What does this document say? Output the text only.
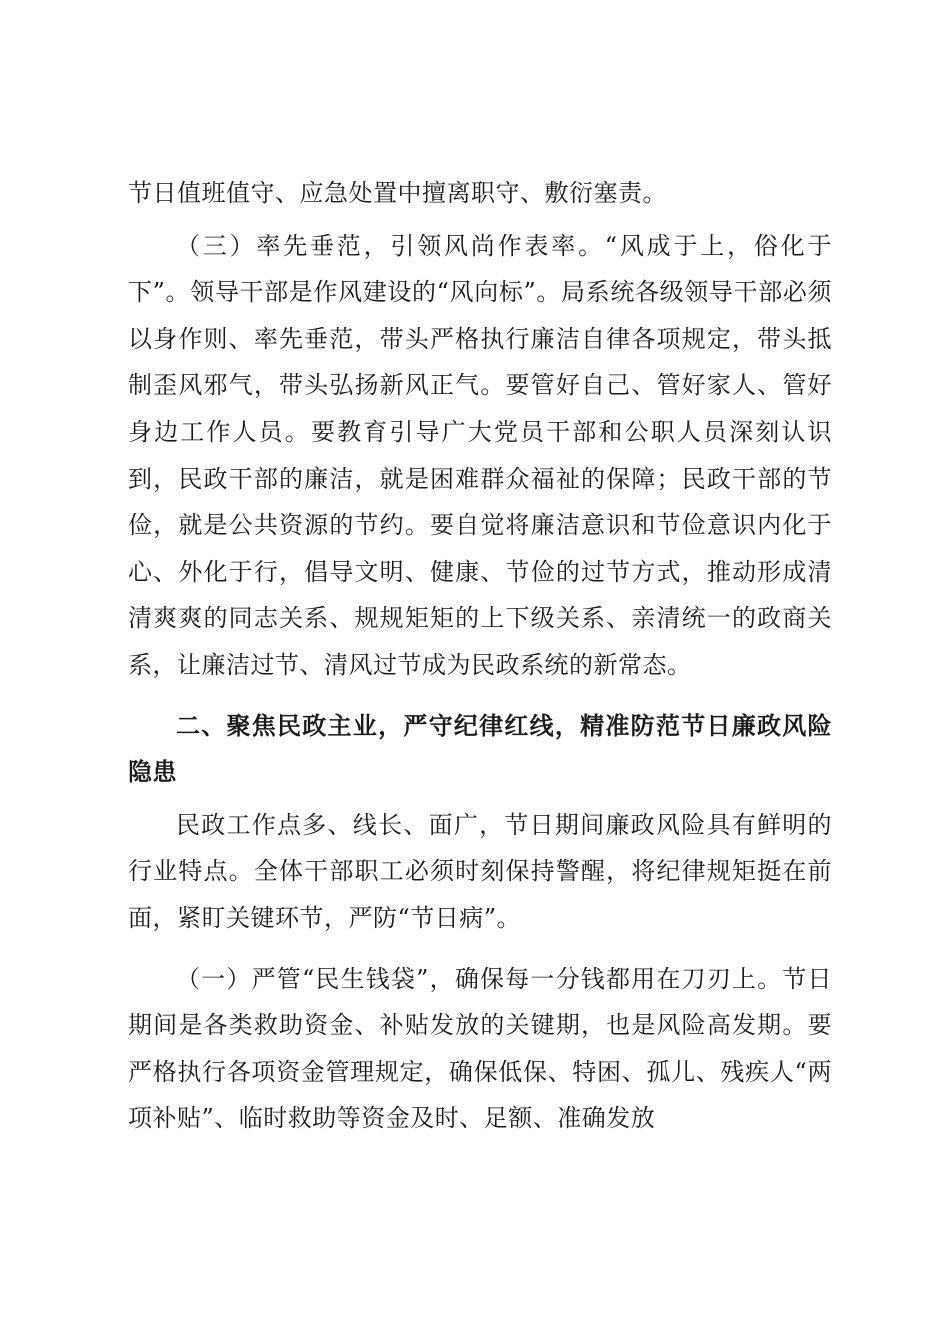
节日值班值守、应急处置中擅离职守、敷衍塞责。

（三）率先垂范，引领风尚作表率。“风成于上，俗化于下”。领导干部是作风建设的“风向标”。局系统各级领导干部必须以身作则、率先垂范，带头严格执行廉洁自律各项规定，带头抵制歪风邪气，带头弘扬新风正气。要管好自己、管好家人、管好身边工作人员。要教育引导广大党员干部和公职人员深刻认识到，民政干部的廉洁，就是困难群众福祉的保障；民政干部的节俭，就是公共资源的节约。要自觉将廉洁意识和节俭意识内化于心、外化于行，倡导文明、健康、节俭的过节方式，推动形成清清爽爽的同志关系、规规矩矩的上下级关系、亲清统一的政商关系，让廉洁过节、清风过节成为民政系统的新常态。

二、聚焦民政主业，严守纪律红线，精准防范节日廉政风险隐患

民政工作点多、线长、面广，节日期间廉政风险具有鲜明的行业特点。全体干部职工必须时刻保持警醒，将纪律规矩挺在前面，紧盯关键环节，严防“节日病”。

（一）严管“民生钱袋”，确保每一分钱都用在刀刃上。节日期间是各类救助资金、补贴发放的关键期，也是风险高发期。要严格执行各项资金管理规定，确保低保、特困、孤儿、残疾人“两项补贴”、临时救助等资金及时、足额、准确发放
